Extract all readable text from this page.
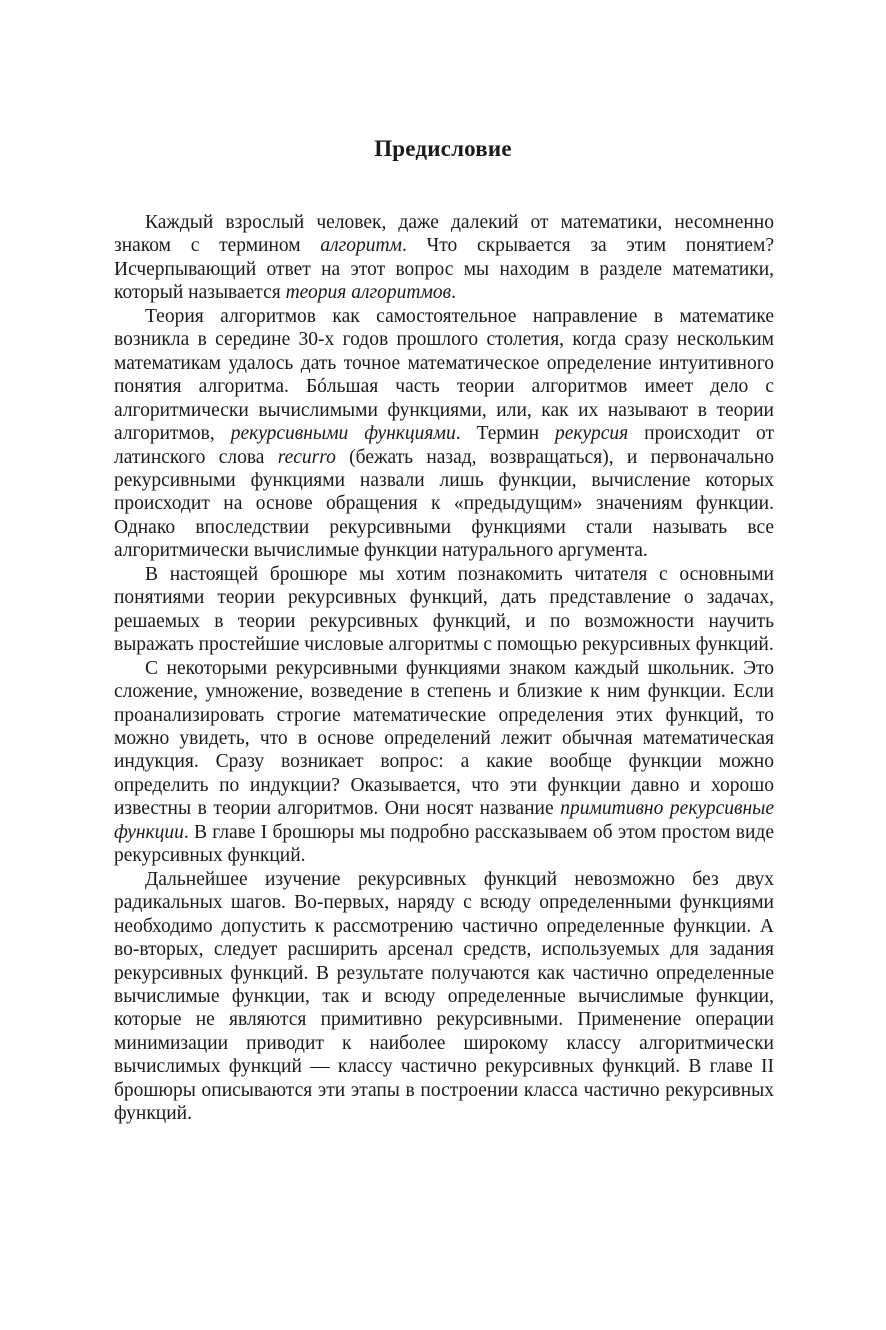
Предисловие

Каждый взрослый человек, даже далекий от математики, несомненно знаком с термином алгоритм. Что скрывается за этим понятием? Исчерпывающий ответ на этот вопрос мы находим в разделе математики, который называется теория алгоритмов.

Теория алгоритмов как самостоятельное направление в математике возникла в середине 30-х годов прошлого столетия, когда сразу нескольким математикам удалось дать точное математическое определение интуитивного понятия алгоритма. Бóльшая часть теории алгоритмов имеет дело с алгоритмически вычислимыми функциями, или, как их называют в теории алгоритмов, рекурсивными функциями. Термин рекурсия происходит от латинского слова recurro (бежать назад, возвращаться), и первоначально рекурсивными функциями назвали лишь функции, вычисление которых происходит на основе обращения к «предыдущим» значениям функции. Однако впоследствии рекурсивными функциями стали называть все алгоритмически вычислимые функции натурального аргумента.

В настоящей брошюре мы хотим познакомить читателя с основными понятиями теории рекурсивных функций, дать представление о задачах, решаемых в теории рекурсивных функций, и по возможности научить выражать простейшие числовые алгоритмы с помощью рекурсивных функций.

С некоторыми рекурсивными функциями знаком каждый школьник. Это сложение, умножение, возведение в степень и близкие к ним функции. Если проанализировать строгие математические определения этих функций, то можно увидеть, что в основе определений лежит обычная математическая индукция. Сразу возникает вопрос: а какие вообще функции можно определить по индукции? Оказывается, что эти функции давно и хорошо известны в теории алгоритмов. Они носят название примитивно рекурсивные функции. В главе I брошюры мы подробно рассказываем об этом простом виде рекурсивных функций.

Дальнейшее изучение рекурсивных функций невозможно без двух радикальных шагов. Во-первых, наряду с всюду определенными функциями необходимо допустить к рассмотрению частично определенные функции. А во-вторых, следует расширить арсенал средств, используемых для задания рекурсивных функций. В результате получаются как частично определенные вычислимые функции, так и всюду определенные вычислимые функции, которые не являются примитивно рекурсивными. Применение операции минимизации приводит к наиболее широкому классу алгоритмически вычислимых функций — классу частично рекурсивных функций. В главе II брошюры описываются эти этапы в построении класса частично рекурсивных функций.
